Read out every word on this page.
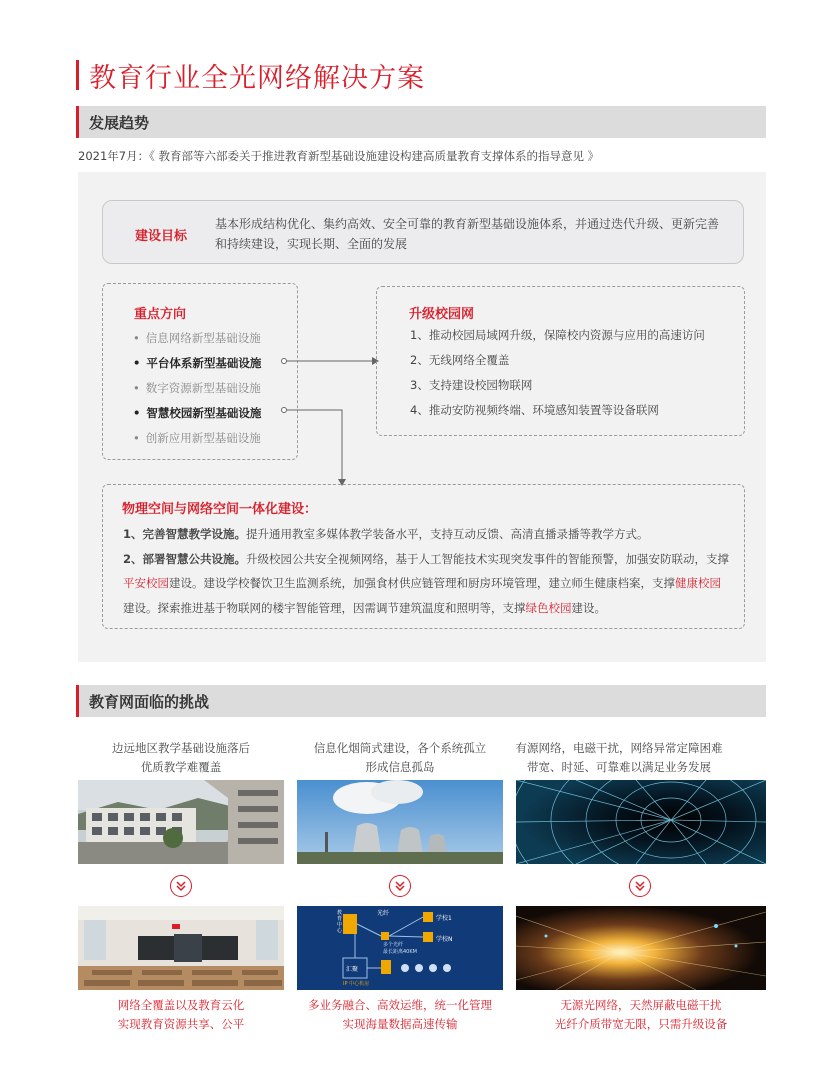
教育行业全光网络解决方案
发展趋势
2021年7月：《 教育部等六部委关于推进教育新型基础设施建设构建高质量教育支撑体系的指导意见 》
建设目标
基本形成结构优化、集约高效、安全可靠的教育新型基础设施体系，并通过迭代升级、更新完善和持续建设，实现长期、全面的发展
重点方向
• 信息网络新型基础设施
• 平台体系新型基础设施
• 数字资源新型基础设施
• 智慧校园新型基础设施
• 创新应用新型基础设施
升级校园网
1、推动校园局域网升级，保障校内资源与应用的高速访问
2、无线网络全覆盖
3、支持建设校园物联网
4、推动安防视频终端、环境感知装置等设备联网
物理空间与网络空间一体化建设：

1、完善智慧教学设施。提升通用教室多媒体教学装备水平，支持互动反馈、高清直播录播等教学方式。

2、部署智慧公共设施。升级校园公共安全视频网络，基于人工智能技术实现突发事件的智能预警，加强安防联动，支撑平安校园建设。建设学校餐饮卫生监测系统，加强食材供应链管理和厨房环境管理，建立师生健康档案，支撑健康校园建设。探索推进基于物联网的楼宇智能管理，因需调节建筑温度和照明等，支撑绿色校园建设。

教育网面临的挑战
边远地区教学基础设施落后
优质教学难覆盖
网络全覆盖以及教育云化
实现教育资源共享、公平
信息化烟筒式建设，各个系统孤立
形成信息孤岛
光纤
学校1
学校N
多个光纤
最长距离40KM
汇聚
教育中心
IP 中心机房
多业务融合、高效运维，统一化管理
实现海量数据高速传输
有源网络，电磁干扰，网络异常定障困难
带宽、时延、可靠难以满足业务发展
无源光网络，天然屏蔽电磁干扰
光纤介质带宽无限，只需升级设备
